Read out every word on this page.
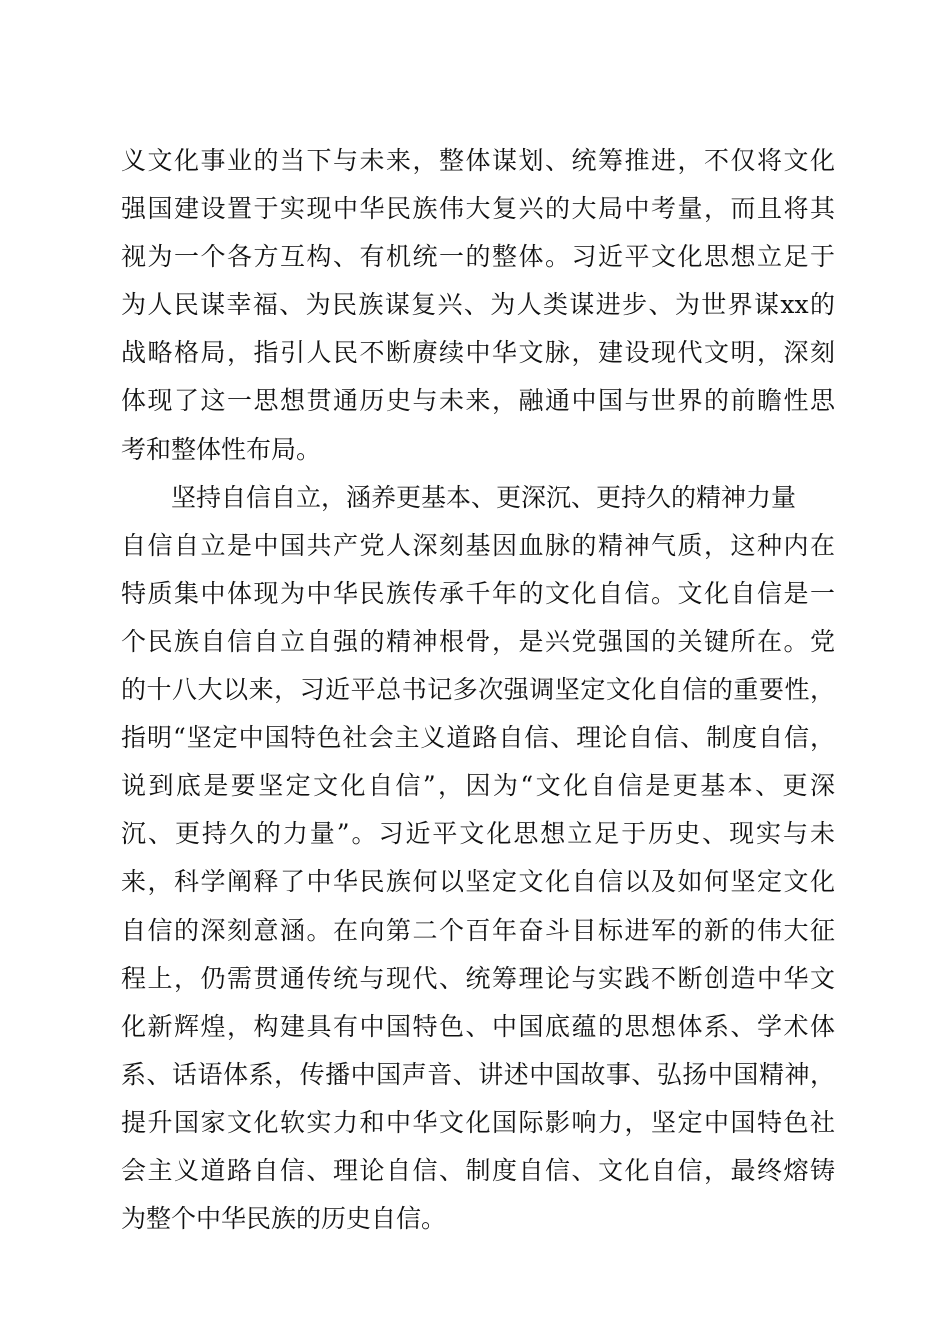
义文化事业的当下与未来，整体谋划、统筹推进，不仅将文化
强国建设置于实现中华民族伟大复兴的大局中考量，而且将其
视为一个各方互构、有机统一的整体。习近平文化思想立足于
为人民谋幸福、为民族谋复兴、为人类谋进步、为世界谋xx的
战略格局，指引人民不断赓续中华文脉，建设现代文明，深刻
体现了这一思想贯通历史与未来，融通中国与世界的前瞻性思
考和整体性布局。
坚持自信自立，涵养更基本、更深沉、更持久的精神力量
自信自立是中国共产党人深刻基因血脉的精神气质，这种内在
特质集中体现为中华民族传承千年的文化自信。文化自信是一
个民族自信自立自强的精神根骨，是兴党强国的关键所在。党
的十八大以来，习近平总书记多次强调坚定文化自信的重要性，
指明“坚定中国特色社会主义道路自信、理论自信、制度自信，
说到底是要坚定文化自信”，因为“文化自信是更基本、更深
沉、更持久的力量”。习近平文化思想立足于历史、现实与未
来，科学阐释了中华民族何以坚定文化自信以及如何坚定文化
自信的深刻意涵。在向第二个百年奋斗目标进军的新的伟大征
程上，仍需贯通传统与现代、统筹理论与实践不断创造中华文
化新辉煌，构建具有中国特色、中国底蕴的思想体系、学术体
系、话语体系，传播中国声音、讲述中国故事、弘扬中国精神，
提升国家文化软实力和中华文化国际影响力，坚定中国特色社
会主义道路自信、理论自信、制度自信、文化自信，最终熔铸
为整个中华民族的历史自信。
